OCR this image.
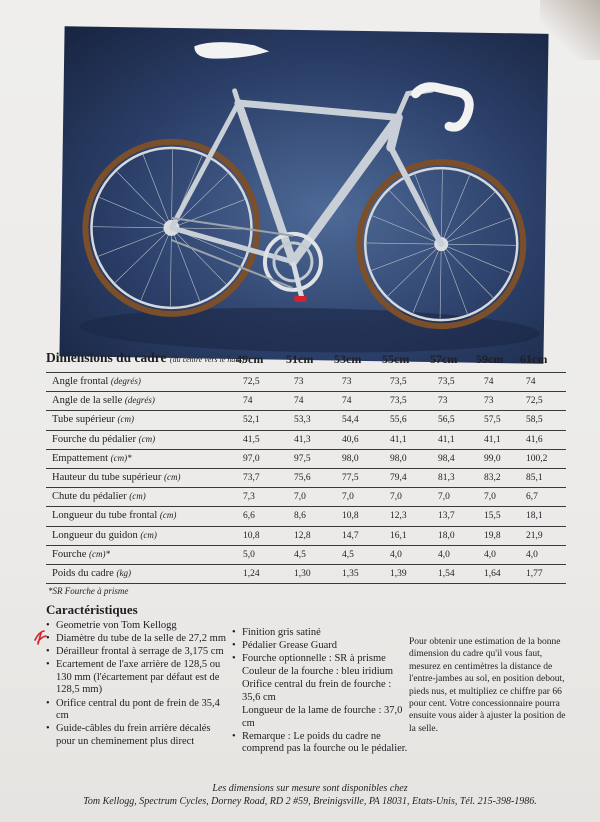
Dimensions du cadre (du centre vers le haut)
49cm 51cm 53cm 55cm 57cm 59cm 61cm
Angle frontal (degrés)	72,5	73	73	73,5	73,5	74	74
Angle de la selle (degrés)	74	74	74	73,5	73	73	72,5
Tube supérieur (cm)	52,1	53,3	54,4	55,6	56,5	57,5	58,5
Fourche du pédalier (cm)	41,5	41,3	40,6	41,1	41,1	41,1	41,6
Empattement (cm)*	97,0	97,5	98,0	98,0	98,4	99,0	100,2
Hauteur du tube supérieur (cm)	73,7	75,6	77,5	79,4	81,3	83,2	85,1
Chute du pédalier (cm)	7,3	7,0	7,0	7,0	7,0	7,0	6,7
Longueur du tube frontal (cm)	6,6	8,6	10,8	12,3	13,7	15,5	18,1
Longueur du guidon (cm)	10,8	12,8	14,7	16,1	18,0	19,8	21,9
Fourche (cm)*	5,0	4,5	4,5	4,0	4,0	4,0	4,0
Poids du cadre (kg)	1,24	1,30	1,35	1,39	1,54	1,64	1,77
*SR Fourche à prisme
Caractéristiques
• Geometrie von Tom Kellogg
• Diamètre du tube de la selle de 27,2 mm
• Dérailleur frontal à serrage de 3,175 cm
• Ecartement de l'axe arrière de 128,5 ou 130 mm (l'écartement par défaut est de 128,5 mm)
• Orifice central du pont de frein de 35,4 cm
• Guide-câbles du frein arrière décalés pour un cheminement plus direct
• Finition gris satiné
• Pédalier Grease Guard
• Fourche optionnelle : SR à prisme
Couleur de la fourche : bleu iridium
Orifice central du frein de fourche : 35,6 cm
Longueur de la lame de fourche : 37,0 cm
• Remarque : Le poids du cadre ne comprend pas la fourche ou le pédalier.
Pour obtenir une estimation de la bonne dimension du cadre qu'il vous faut, mesurez en centimètres la distance de l'entre-jambes au sol, en position debout, pieds nus, et multipliez ce chiffre par 66 pour cent. Votre concessionnaire pourra ensuite vous aider à ajuster la position de la selle.
Les dimensions sur mesure sont disponibles chez
Tom Kellogg, Spectrum Cycles, Dorney Road, RD 2 #59, Breinigsville, PA 18031, Etats-Unis, Tél. 215-398-1986.
